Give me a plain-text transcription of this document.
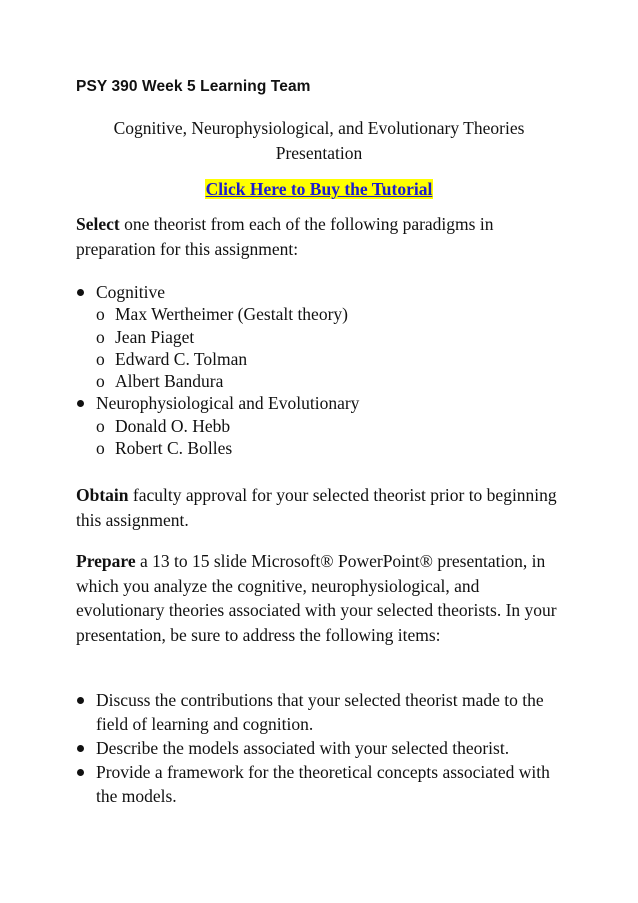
PSY 390 Week 5 Learning Team
Cognitive, Neurophysiological, and Evolutionary Theories
Presentation
Click Here to Buy the Tutorial
Select one theorist from each of the following paradigms in preparation for this assignment:
Cognitive
o Max Wertheimer (Gestalt theory)
o Jean Piaget
o Edward C. Tolman
o Albert Bandura
Neurophysiological and Evolutionary
o Donald O. Hebb
o Robert C. Bolles
Obtain faculty approval for your selected theorist prior to beginning this assignment.
Prepare a 13 to 15 slide Microsoft® PowerPoint® presentation, in which you analyze the cognitive, neurophysiological, and evolutionary theories associated with your selected theorists. In your presentation, be sure to address the following items:
Discuss the contributions that your selected theorist made to the field of learning and cognition.
Describe the models associated with your selected theorist.
Provide a framework for the theoretical concepts associated with the models.
